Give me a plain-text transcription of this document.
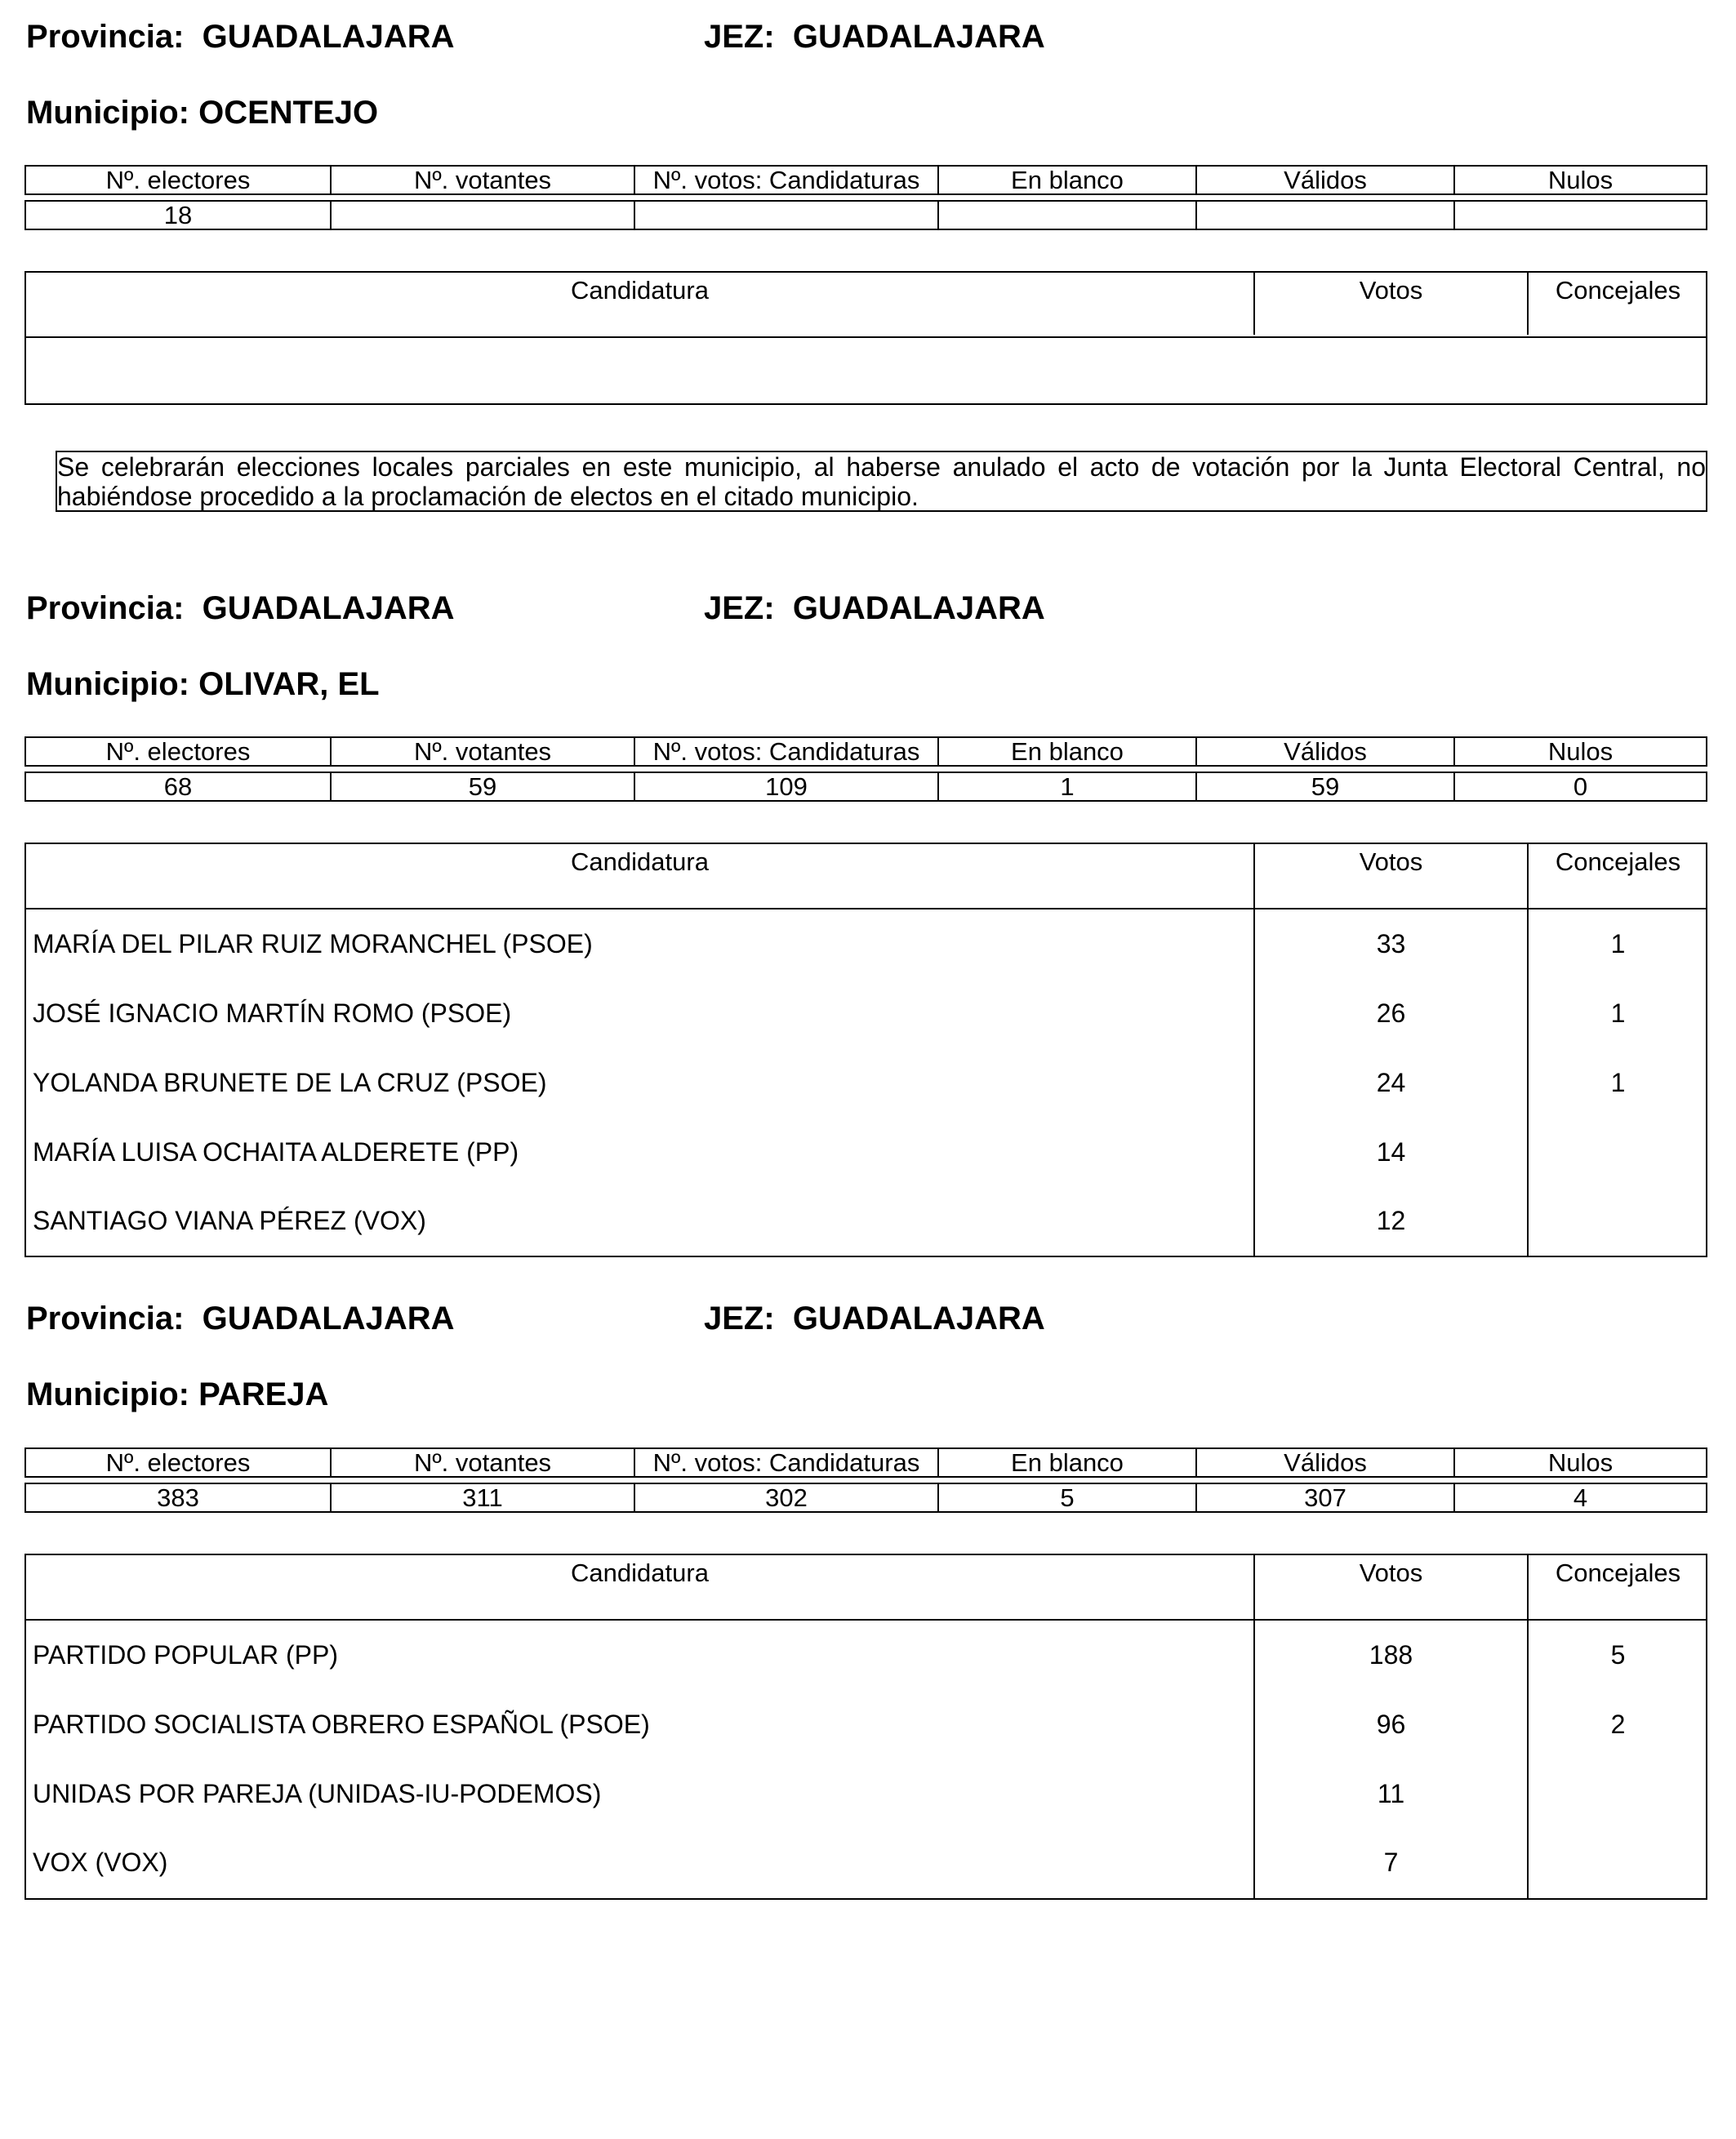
Provincia: GUADALAJARA	JEZ: GUADALAJARA
Municipio: OCENTEJO
Nº. electores	Nº. votantes	Nº. votos: Candidaturas	En blanco	Válidos	Nulos
18
Candidatura	Votos	Concejales
Se celebrarán elecciones locales parciales en este municipio, al haberse anulado el acto de votación por la Junta Electoral Central, no habiéndose procedido a la proclamación de electos en el citado municipio.
Provincia: GUADALAJARA	JEZ: GUADALAJARA
Municipio: OLIVAR, EL
Nº. electores	Nº. votantes	Nº. votos: Candidaturas	En blanco	Válidos	Nulos
68	59	109	1	59	0
Candidatura	Votos	Concejales
MARÍA DEL PILAR RUIZ MORANCHEL (PSOE)	33	1
JOSÉ IGNACIO MARTÍN ROMO (PSOE)	26	1
YOLANDA BRUNETE DE LA CRUZ (PSOE)	24	1
MARÍA LUISA OCHAITA ALDERETE (PP)	14
SANTIAGO VIANA PÉREZ (VOX)	12
Provincia: GUADALAJARA	JEZ: GUADALAJARA
Municipio: PAREJA
Nº. electores	Nº. votantes	Nº. votos: Candidaturas	En blanco	Válidos	Nulos
383	311	302	5	307	4
Candidatura	Votos	Concejales
PARTIDO POPULAR (PP)	188	5
PARTIDO SOCIALISTA OBRERO ESPAÑOL (PSOE)	96	2
UNIDAS POR PAREJA (UNIDAS-IU-PODEMOS)	11
VOX (VOX)	7
